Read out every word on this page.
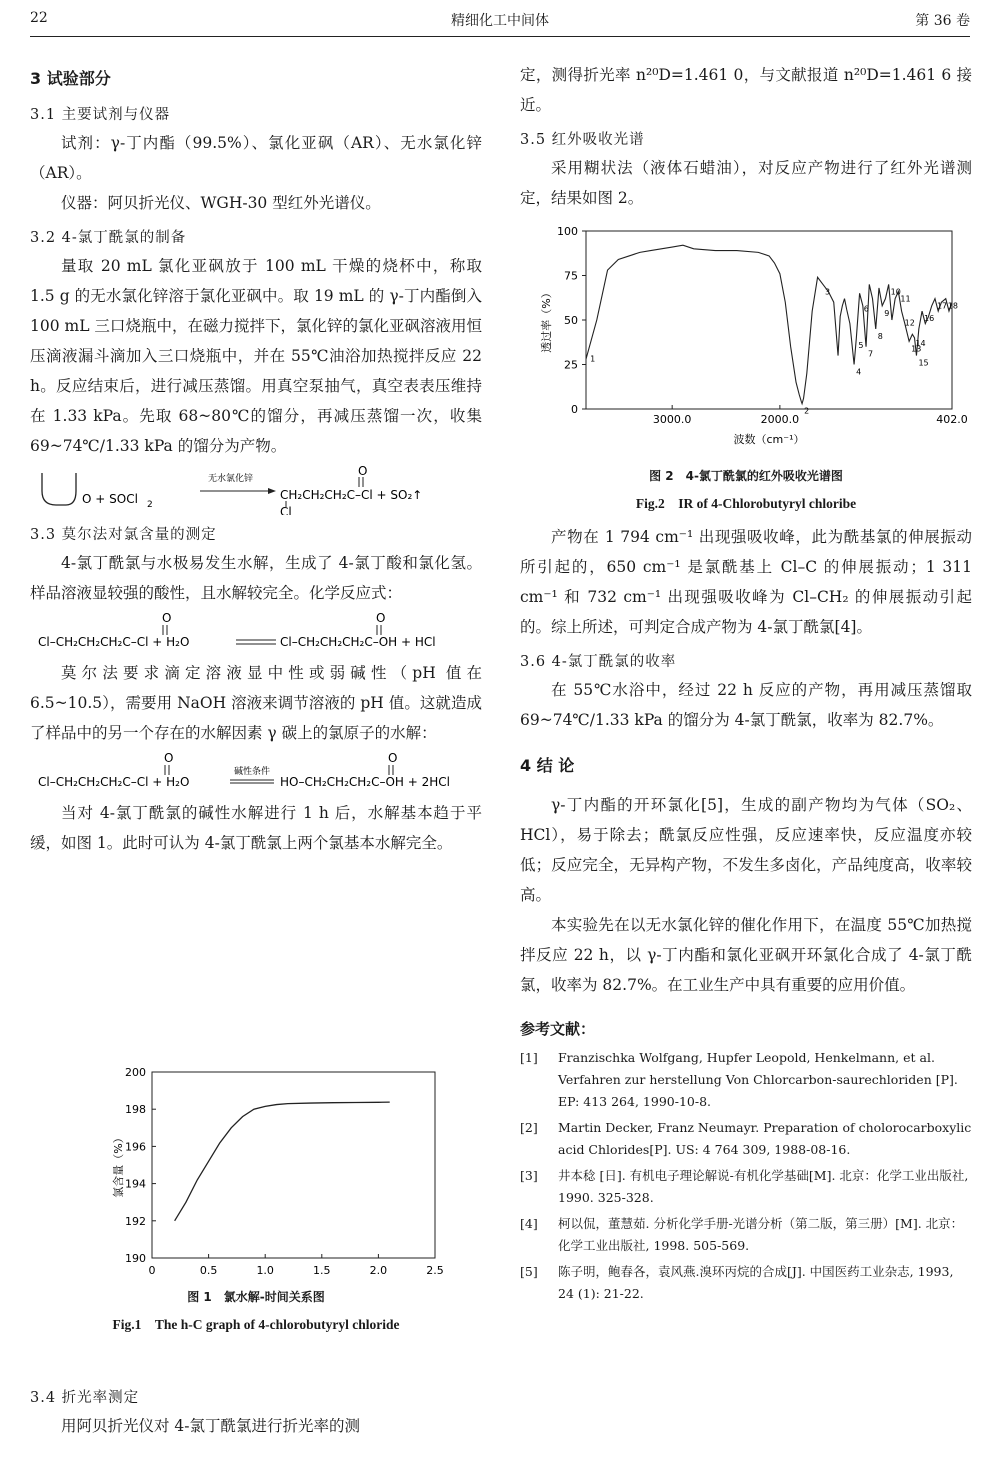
22	精细化工中间体	第 36 卷
3 试验部分
3.1 主要试剂与仪器

试剂：γ-丁内酯（99.5%）、氯化亚砜（AR）、无水氯化锌（AR）。

仪器：阿贝折光仪、WGH-30 型红外光谱仪。

3.2 4-氯丁酰氯的制备

量取 20 mL 氯化亚砜放于 100 mL 干燥的烧杯中，称取 1.5 g 的无水氯化锌溶于氯化亚砜中。取 19 mL 的 γ-丁内酯倒入 100 mL 三口烧瓶中，在磁力搅拌下，氯化锌的氯化亚砜溶液用恒压滴液漏斗滴加入三口烧瓶中，并在 55℃油浴加热搅拌反应 22 h。反应结束后，进行减压蒸馏。用真空泵抽气，真空表表压维持在 1.33 kPa。先取 68~80℃的馏分，再减压蒸馏一次，收集 69~74℃/1.33 kPa 的馏分为产物。

O + SOCl 2
无水氯化锌
O
CH₂CH₂CH₂C–Cl + SO₂↑
Cl
3.3 莫尔法对氯含量的测定

4-氯丁酰氯与水极易发生水解，生成了 4-氯丁酸和氯化氢。样品溶液显较强的酸性，且水解较完全。化学反应式：

O
Cl–CH₂CH₂CH₂C–Cl + H₂O
O
Cl–CH₂CH₂CH₂C–OH + HCl

莫尔法要求滴定溶液显中性或弱碱性（pH 值在 6.5~10.5），需要用 NaOH 溶液来调节溶液的 pH 值。这就造成了样品中的另一个存在的水解因素 γ 碳上的氯原子的水解：

O
Cl–CH₂CH₂CH₂C–Cl + H₂O
碱性条件
O
HO–CH₂CH₂CH₂C–OH + 2HCl

当对 4-氯丁酰氯的碱性水解进行 1 h 后，水解基本趋于平缓，如图 1。此时可认为 4-氯丁酰氯上两个氯基本水解完全。

0	0.5	1.0	1.5	2.0	2.5
190
192
194
196
198
200
氯含量（%）
图 1　氯水解-时间关系图
Fig.1　The h-C graph of 4-chlorobutyryl chloride
3.4 折光率测定

用阿贝折光仪对 4-氯丁酰氯进行折光率的测

定，测得折光率 n²⁰D=1.461 0，与文献报道 n²⁰D=1.461 6 接近。

3.5 红外吸收光谱

采用糊状法（液体石蜡油），对反应产物进行了红外光谱测定，结果如图 2。

3000.0	2000.0	402.0
0
25
50
75
100
1
2
3
4
5
6
7
8
9
10
11
12
13
14
15
16
17 18
波数（cm⁻¹）
透过率（%）
图 2　4-氯丁酰氯的红外吸收光谱图
Fig.2　IR of 4-Chlorobutyryl chloribe

产物在 1 794 cm⁻¹ 出现强吸收峰，此为酰基氯的伸展振动所引起的，650 cm⁻¹ 是氯酰基上 Cl–C 的伸展振动；1 311 cm⁻¹ 和 732 cm⁻¹ 出现强吸收峰为 Cl–CH₂ 的伸展振动引起的。综上所述，可判定合成产物为 4-氯丁酰氯[4]。

3.6 4-氯丁酰氯的收率

在 55℃水浴中，经过 22 h 反应的产物，再用减压蒸馏取 69~74℃/1.33 kPa 的馏分为 4-氯丁酰氯，收率为 82.7%。

4 结 论

γ-丁内酯的开环氯化[5]，生成的副产物均为气体（SO₂、HCl），易于除去；酰氯反应性强，反应速率快，反应温度亦较低；反应完全，无异构产物，不发生多卤化，产品纯度高，收率较高。

本实验先在以无水氯化锌的催化作用下，在温度 55℃加热搅拌反应 22 h，以 γ-丁内酯和氯化亚砜开环氯化合成了 4-氯丁酰氯，收率为 82.7%。在工业生产中具有重要的应用价值。

参考文献：
[1]	Franzischka Wolfgang, Hupfer Leopold, Henkelmann, et al. Verfahren zur herstellung Von Chlorcarbon-saurechloriden [P]. EP: 413 264, 1990-10-8.
[2]	Martin Decker, Franz Neumayr. Preparation of cholorocarboxylic acid Chlorides[P]. US: 4 764 309, 1988-08-16.
[3]	井本稔 [日]. 有机电子理论解说-有机化学基础[M]. 北京：化学工业出版社, 1990. 325-328.
[4]	柯以侃，董慧茹. 分析化学手册-光谱分析（第二版，第三册）[M]. 北京：化学工业出版社, 1998. 505-569.
[5]	陈子明，鲍春各，袁风燕.溴环丙烷的合成[J]. 中国医药工业杂志, 1993, 24 (1): 21-22.
